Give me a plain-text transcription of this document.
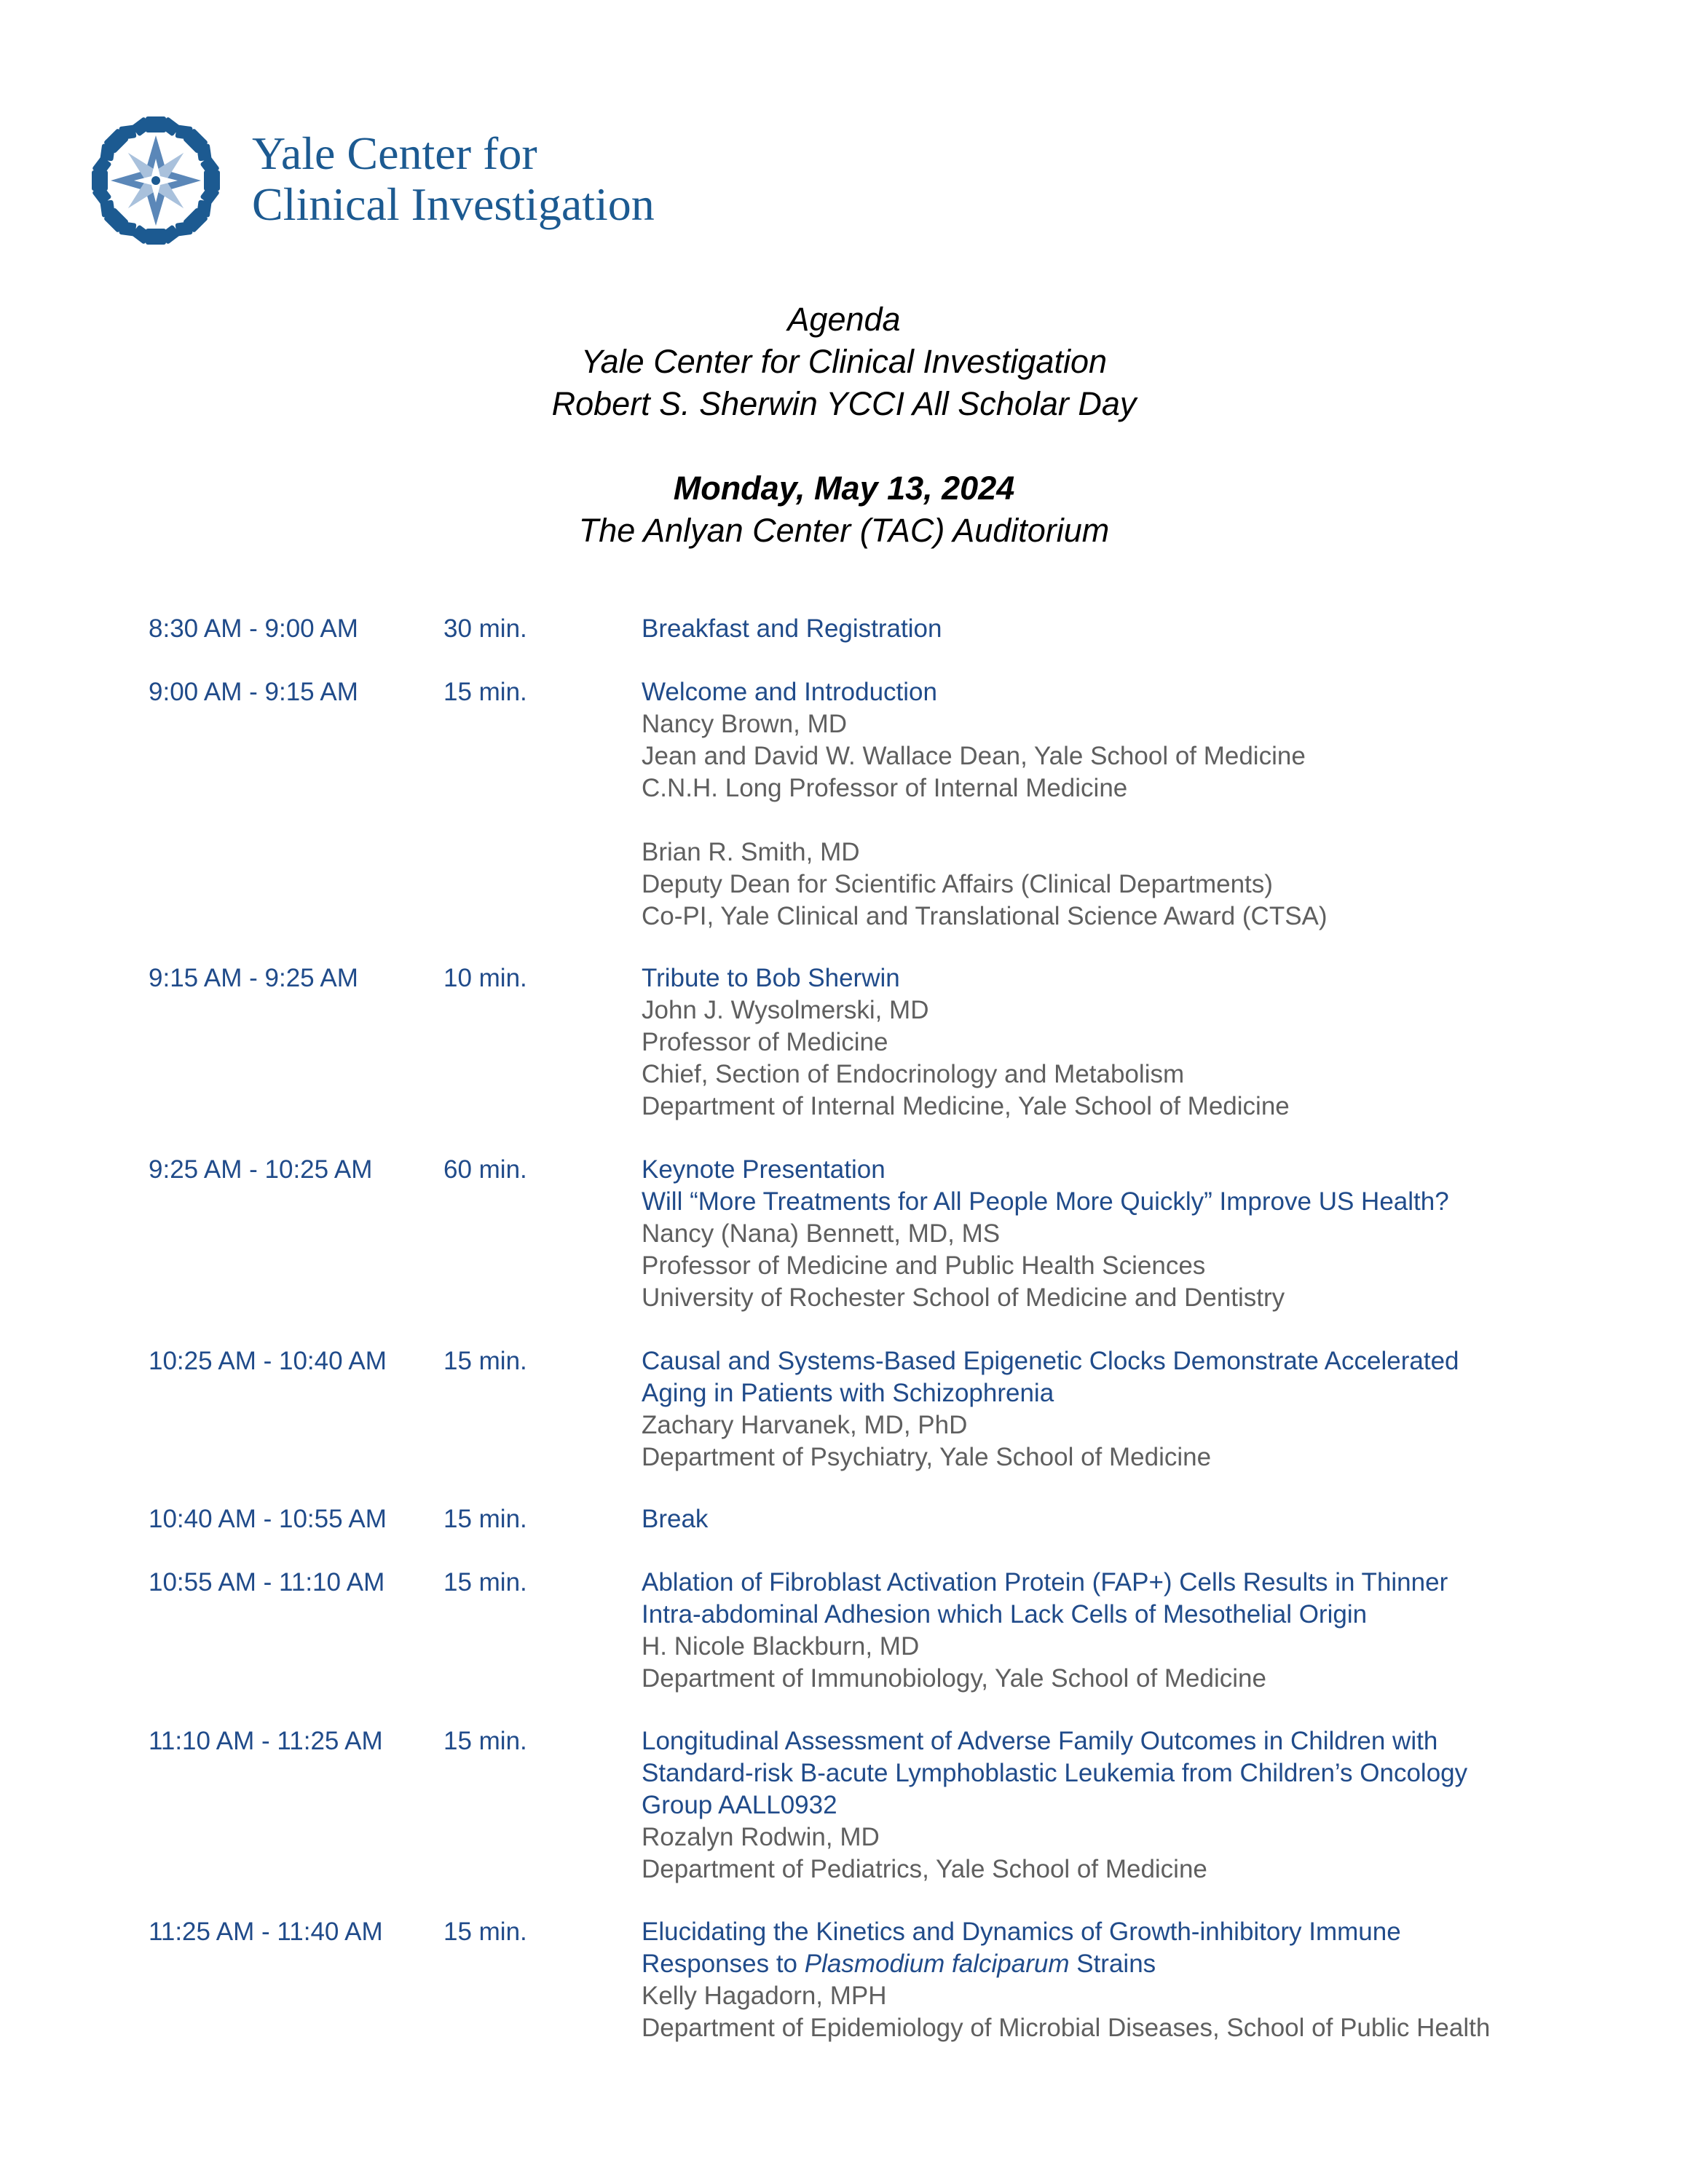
Yale Center for
Clinical Investigation
Agenda
Yale Center for Clinical Investigation
Robert S. Sherwin YCCI All Scholar Day
Monday, May 13, 2024
The Anlyan Center (TAC) Auditorium
8:30 AM - 9:00 AM	30 min.	Breakfast and Registration
9:00 AM - 9:15 AM	15 min.	Welcome and Introduction
Nancy Brown, MD
Jean and David W. Wallace Dean, Yale School of Medicine
C.N.H. Long Professor of Internal Medicine
Brian R. Smith, MD
Deputy Dean for Scientific Affairs (Clinical Departments)
Co-PI, Yale Clinical and Translational Science Award (CTSA)
9:15 AM - 9:25 AM	10 min.	Tribute to Bob Sherwin
John J. Wysolmerski, MD
Professor of Medicine
Chief, Section of Endocrinology and Metabolism
Department of Internal Medicine, Yale School of Medicine
9:25 AM - 10:25 AM	60 min.	Keynote Presentation
Will “More Treatments for All People More Quickly” Improve US Health?
Nancy (Nana) Bennett, MD, MS
Professor of Medicine and Public Health Sciences
University of Rochester School of Medicine and Dentistry
10:25 AM - 10:40 AM 15 min.	Causal and Systems-Based Epigenetic Clocks Demonstrate Accelerated
Aging in Patients with Schizophrenia
Zachary Harvanek, MD, PhD
Department of Psychiatry, Yale School of Medicine
10:40 AM - 10:55 AM 15 min.	Break
10:55 AM - 11:10 AM 15 min.	Ablation of Fibroblast Activation Protein (FAP+) Cells Results in Thinner
Intra-abdominal Adhesion which Lack Cells of Mesothelial Origin
H. Nicole Blackburn, MD
Department of Immunobiology, Yale School of Medicine
11:10 AM - 11:25 AM 15 min.	Longitudinal Assessment of Adverse Family Outcomes in Children with
Standard-risk B-acute Lymphoblastic Leukemia from Children’s Oncology
Group AALL0932
Rozalyn Rodwin, MD
Department of Pediatrics, Yale School of Medicine
11:25 AM - 11:40 AM 15 min.	Elucidating the Kinetics and Dynamics of Growth-inhibitory Immune
Responses to Plasmodium falciparum Strains
Kelly Hagadorn, MPH
Department of Epidemiology of Microbial Diseases, School of Public Health
